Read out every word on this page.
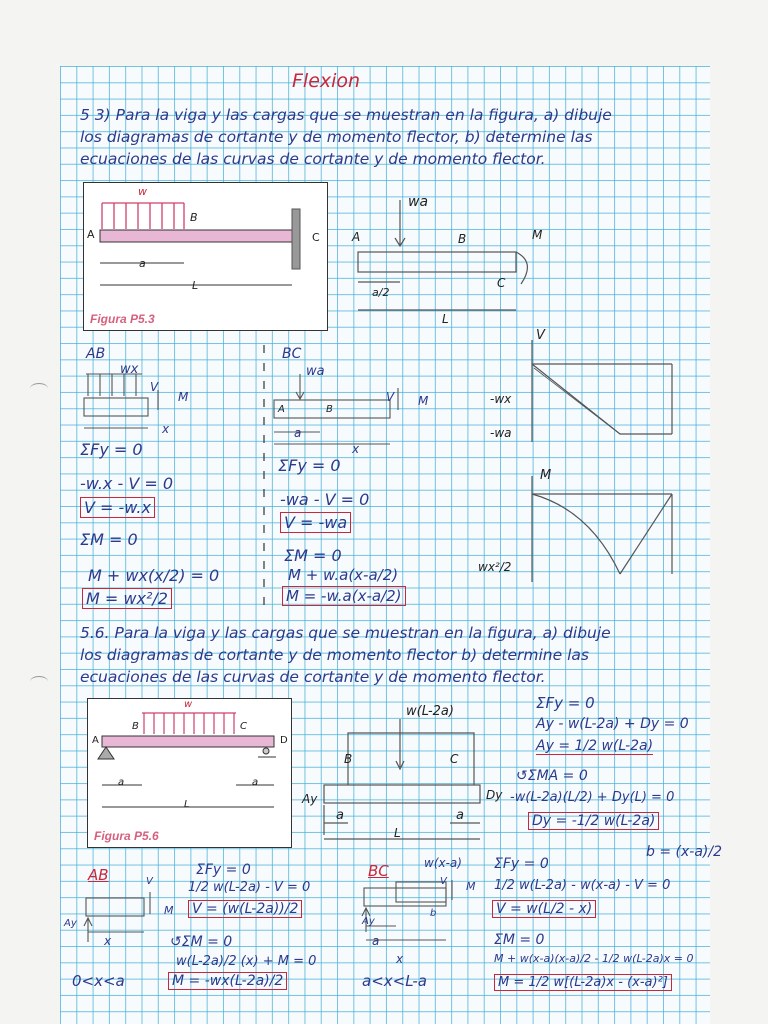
Flexion
5 3) Para la viga y las cargas que se muestran en la figura, a) dibuje
los diagramas de cortante y de momento flector, b) determine las
ecuaciones de las curvas de cortante y de momento flector.
w
A
B
C
a
L
Figura P5.3
wa
A	B
C
M
a/2
L
AB
wx
V
M
x
ΣFy = 0
-w.x - V = 0
V = -w.x
ΣM = 0
M + wx(x/2) = 0
M = wx²/2
BC
wa
A	B
V M
a
x
ΣFy = 0
-wa - V = 0
V = -wa
ΣM = 0
M + w.a(x-a/2)
M = -w.a(x-a/2)
V
-wx
-wa
M
wx²/2
5.6. Para la viga y las cargas que se muestran en la figura, a) dibuje
los diagramas de cortante y de momento flector b) determine las
ecuaciones de las curvas de cortante y de momento flector.
w
A
B	C
D
a	a
L
Figura P5.6
w(L-2a)
B	C
Ay	Dy
a	a
L
ΣFy = 0
Ay - w(L-2a) + Dy = 0
Ay = 1/2 w(L-2a)
↺ΣMA = 0
-w(L-2a)(L/2) + Dy(L) = 0
Dy = -1/2 w(L-2a)
b = (x-a)/2
AB	V
M
Ay
x
0<x<a
ΣFy = 0
1/2 w(L-2a) - V = 0
V = (w(L-2a))/2
↺ΣM = 0
w(L-2a)/2 (x) + M = 0
M = -wx(L-2a)/2
BC	w(x-a)
V M
Ay
a
b
x
a<x<L-a
ΣFy = 0
1/2 w(L-2a) - w(x-a) - V = 0
V = w(L/2 - x)
ΣM = 0
M + w(x-a)(x-a)/2 - 1/2 w(L-2a)x = 0
M = 1/2 w[(L-2a)x - (x-a)²]
